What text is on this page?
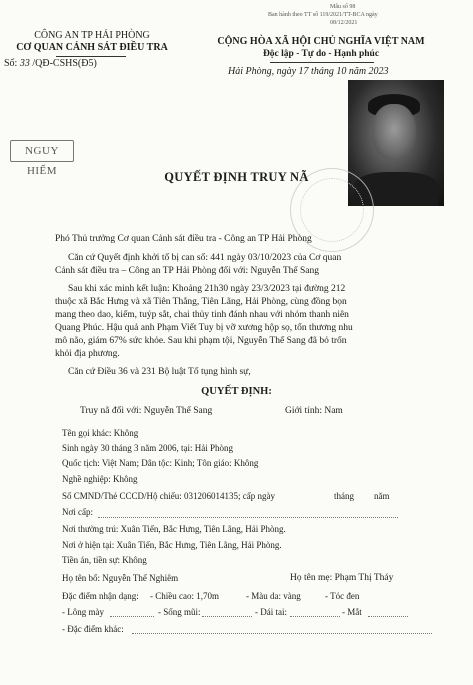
Mẫu số 98
Ban hành theo TT số 119/2021/TT-BCA ngày
08/12/2021
CÔNG AN TP HẢI PHÒNG
CƠ QUAN CẢNH SÁT ĐIỀU TRA
Số: 33 /QĐ-CSHS(Đ5)
CỘNG HÒA XÃ HỘI CHỦ NGHĨA VIỆT NAM
Độc lập - Tự do - Hạnh phúc
Hải Phòng, ngày 17 tháng 10 năm 2023
NGUY HIỂM	QUYẾT ĐỊNH TRUY NÃ
Phó Thủ trưởng Cơ quan Cảnh sát điều tra - Công an TP Hải Phòng
Căn cứ Quyết định khởi tố bị can số: 441 ngày 03/10/2023 của Cơ quan
Cảnh sát điều tra – Công an TP Hải Phòng đối với: Nguyễn Thế Sang
Sau khi xác minh kết luận: Khoảng 21h30 ngày 23/3/2023 tại đường 212
thuộc xã Bắc Hưng và xã Tiên Thắng, Tiên Lãng, Hải Phòng, cùng đồng bọn
mang theo dao, kiếm, tuýp sắt, chai thủy tinh đánh nhau với nhóm thanh niên
Quang Phúc. Hậu quả anh Phạm Viết Tuy bị vỡ xương hộp sọ, tổn thương nhu
mô não, giám 67% sức khỏe. Sau khi phạm tội, Nguyễn Thế Sang đã bỏ trốn
khỏi địa phương.
Căn cứ Điều 36 và 231 Bộ luật Tố tụng hình sự,
QUYẾT ĐỊNH:
Truy nã đối với: Nguyễn Thế Sang	Giới tính: Nam
Tên gọi khác: Không
Sinh ngày 30 tháng 3 năm 2006, tại: Hải Phòng
Quốc tịch: Việt Nam; Dân tộc: Kinh; Tôn giáo: Không
Nghề nghiệp: Không
Số CMND/Thẻ CCCD/Hộ chiếu: 031206014135; cấp ngày	tháng năm
Nơi cấp:
Nơi thường trú: Xuân Tiến, Bắc Hưng, Tiên Lãng, Hải Phòng.
Nơi ở hiện tại: Xuân Tiến, Bắc Hưng, Tiên Lãng, Hải Phòng.
Tiền án, tiền sự: Không
Họ tên bố: Nguyễn Thế Nghiêm	Họ tên mẹ: Phạm Thị Tháy
Đặc điểm nhận dạng: - Chiều cao: 1,70m	- Màu da: vàng	- Tóc đen
- Lông mày	- Sống mũi:	- Dái tai:	- Mắt
- Đặc điểm khác:
